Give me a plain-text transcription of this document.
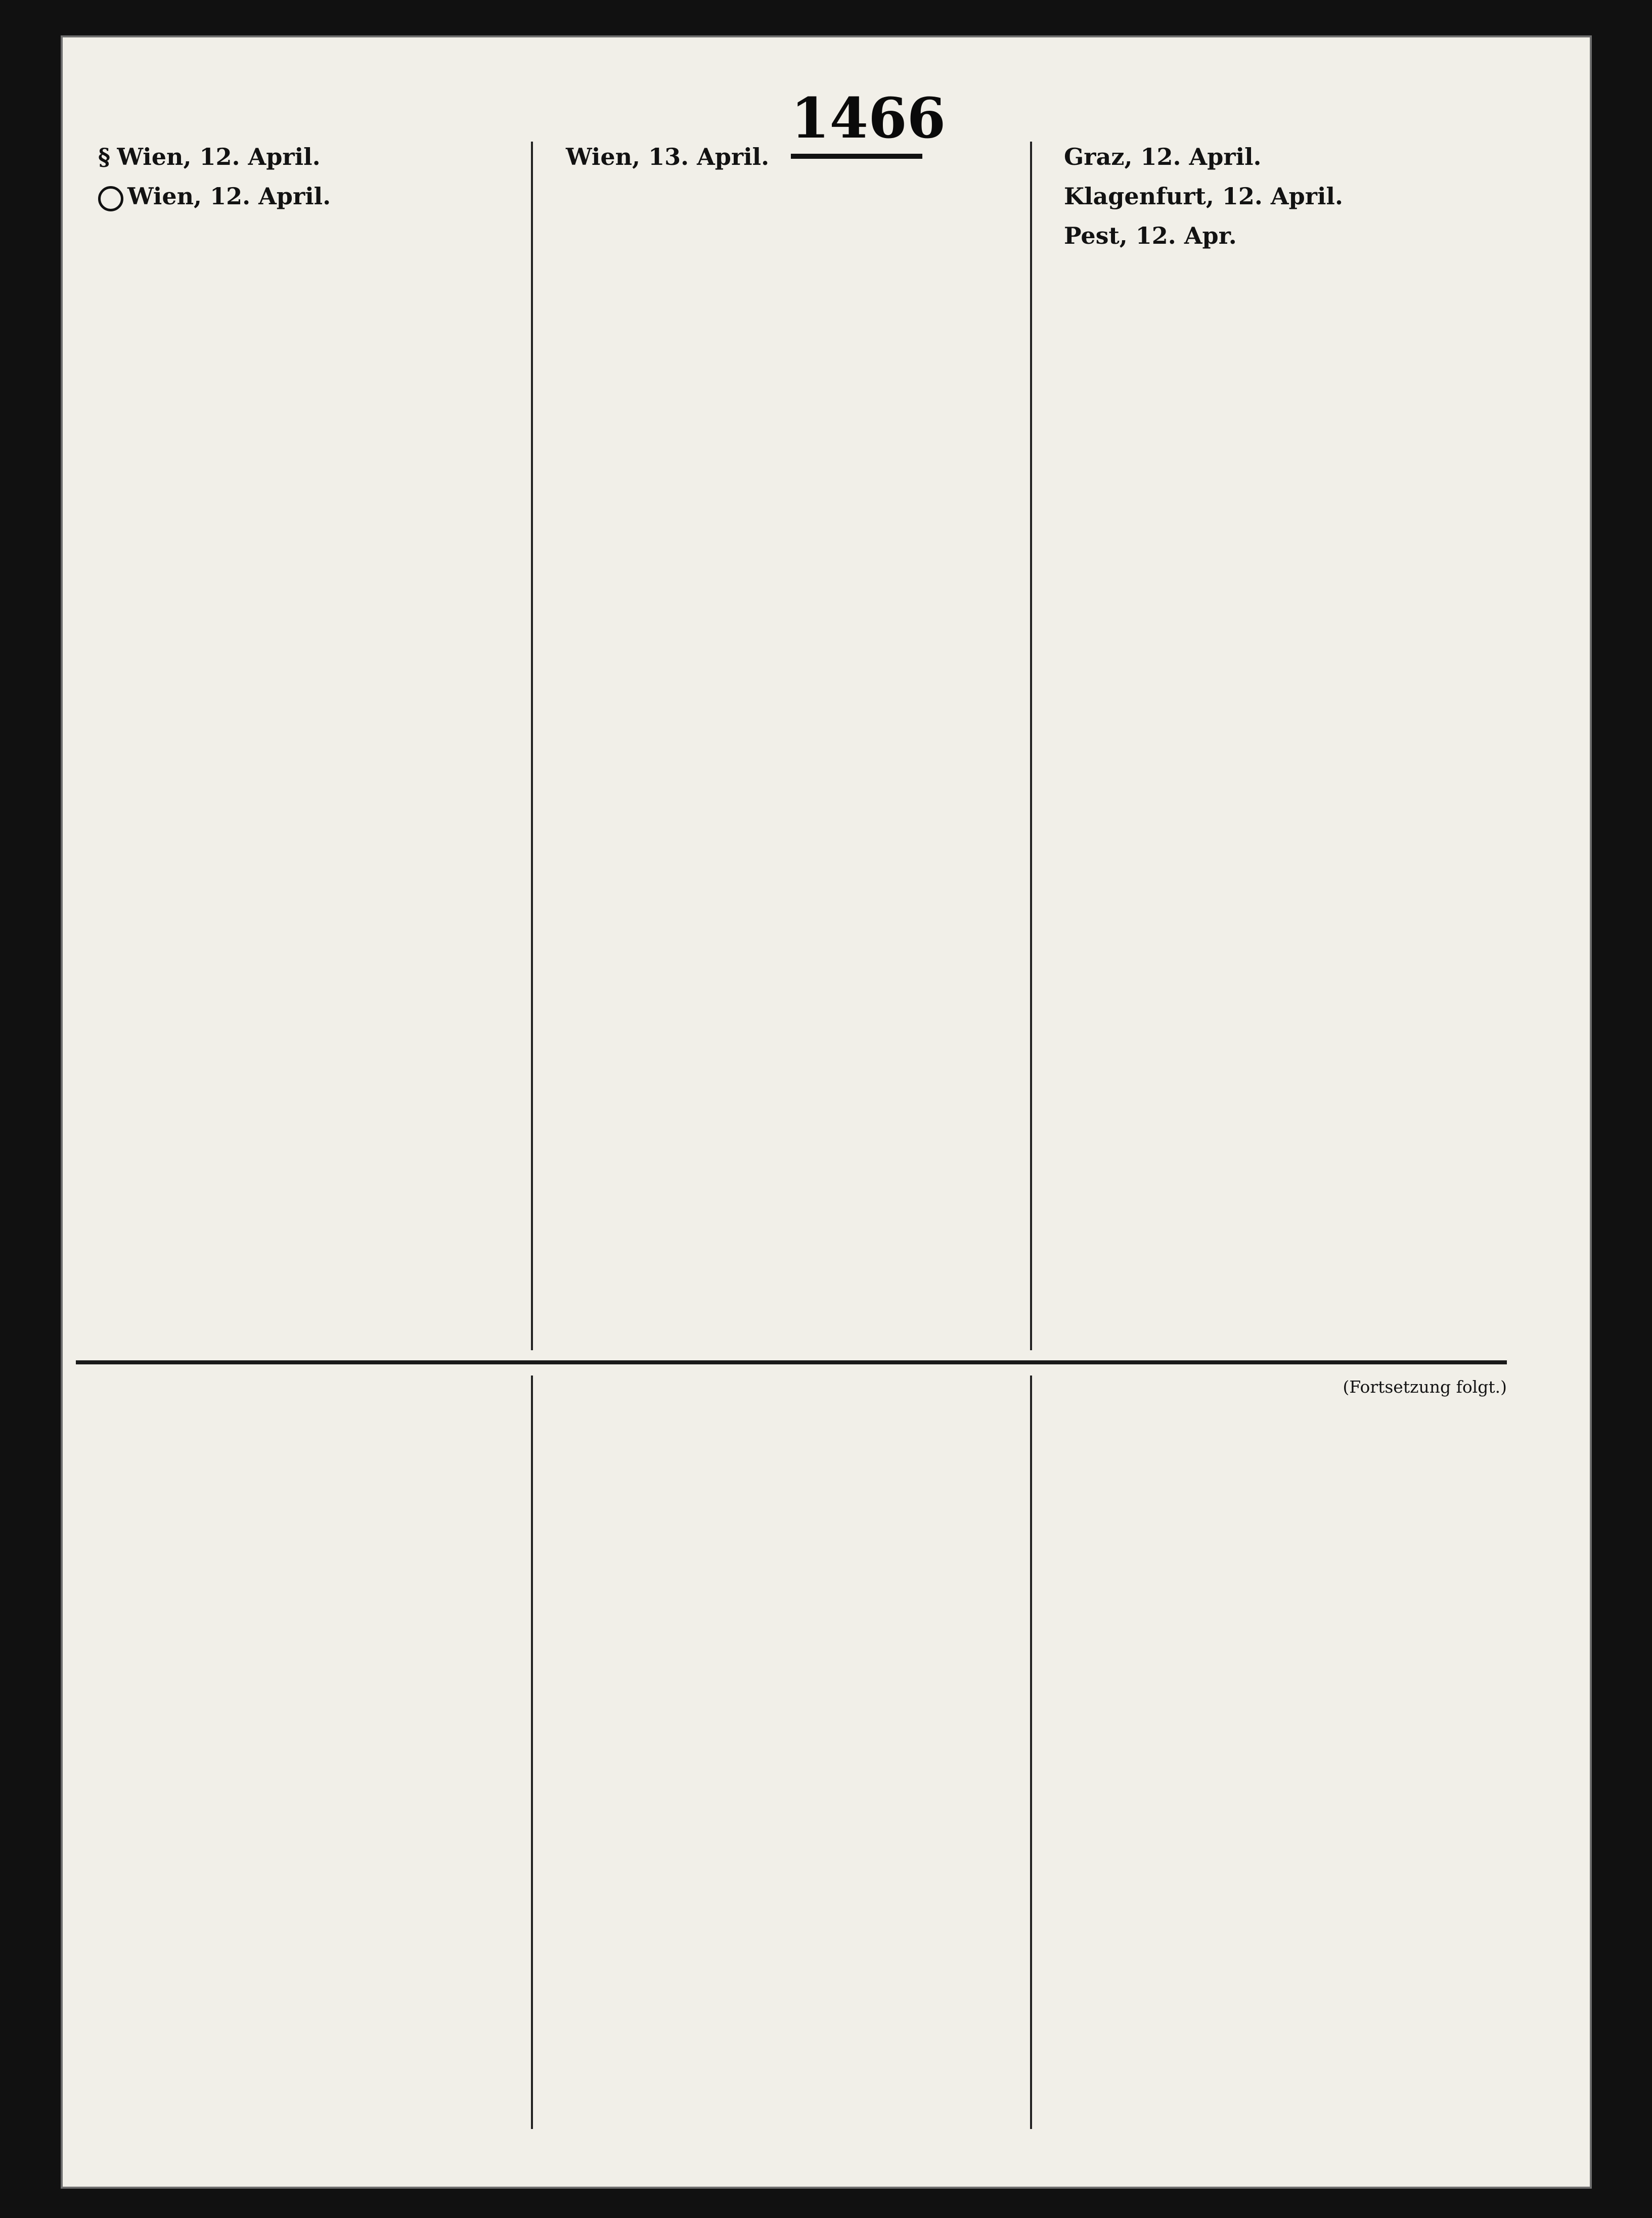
1466

§ Wien, 12. April.

Wien, 12. April.

Wien, 13. April.	Graz, 12. April.

Klagenfurt, 12. April.

Pest, 12. Apr.

(Fortsetzung folgt.)
